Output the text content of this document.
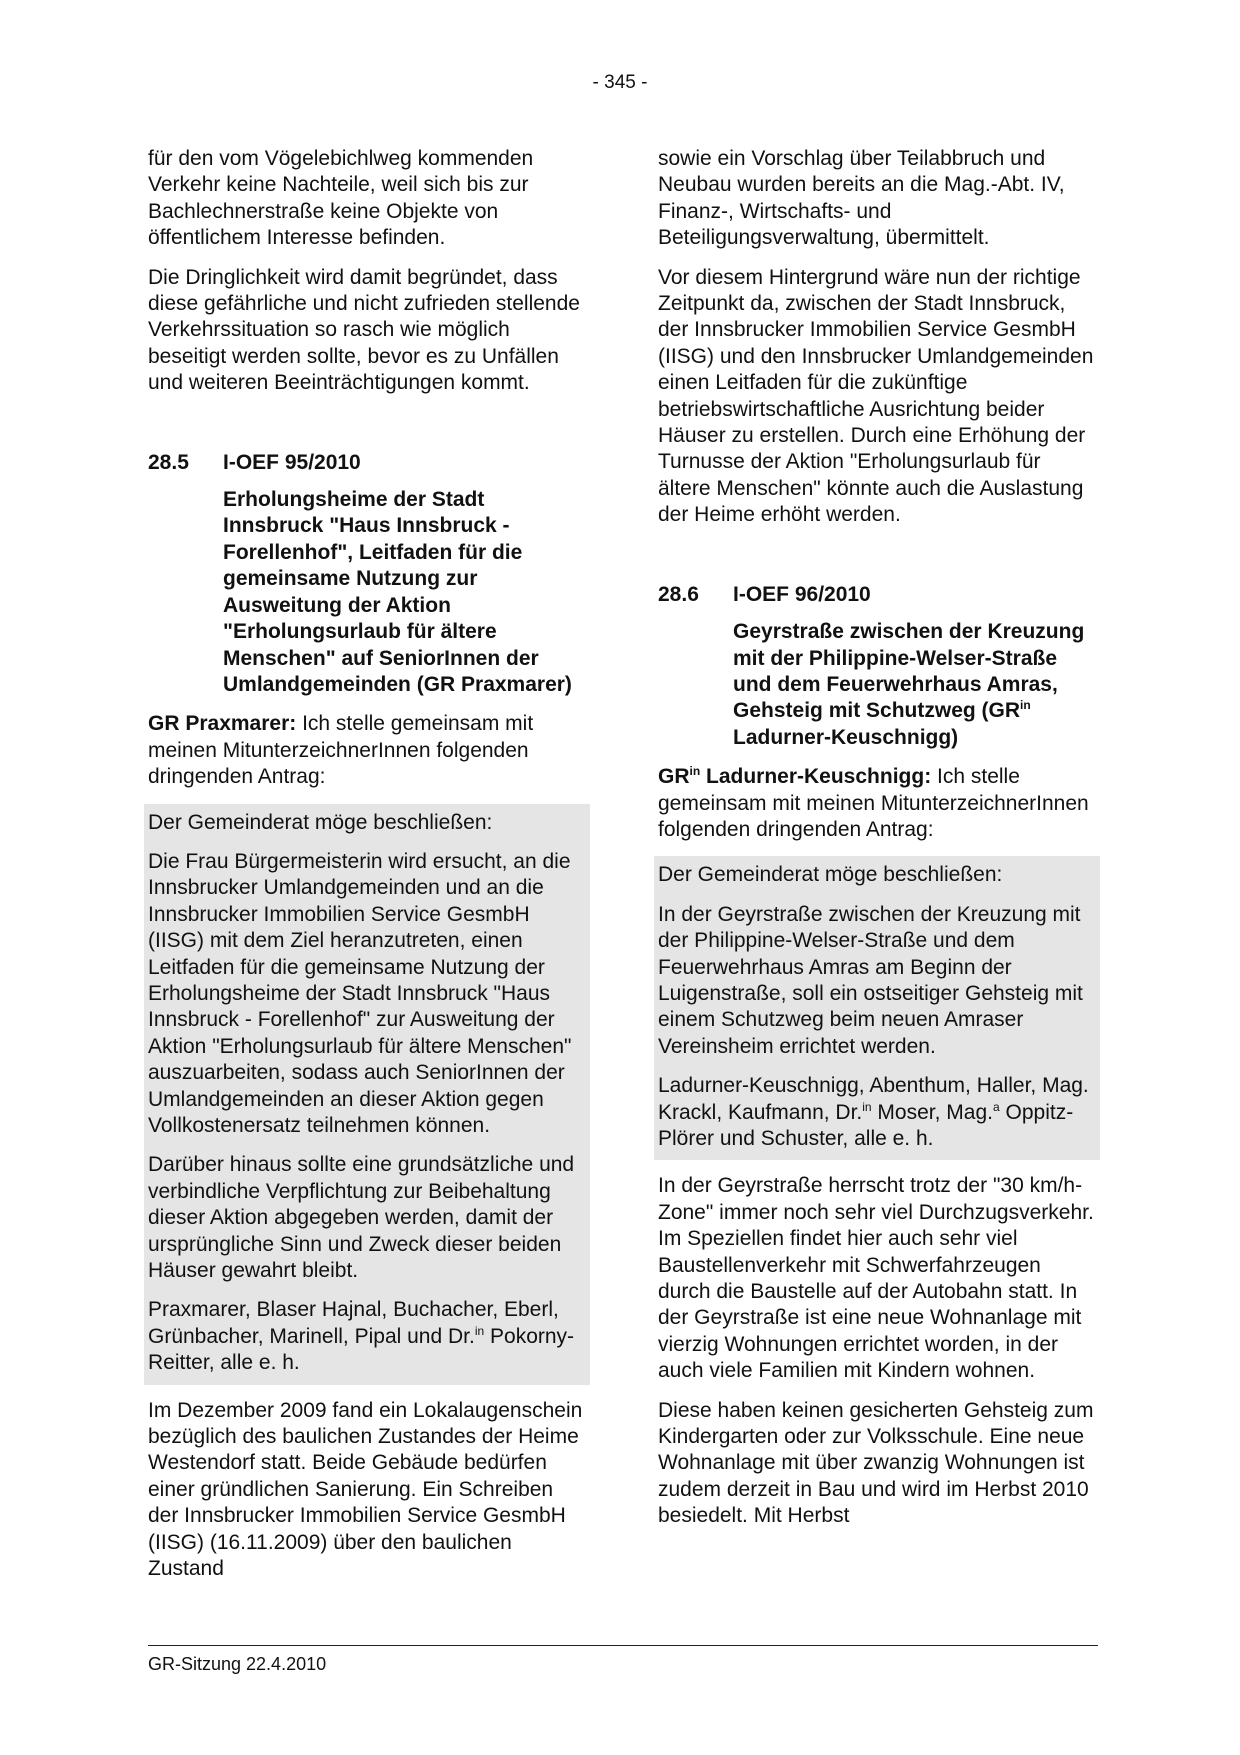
- 345 -

für den vom Vögelebichlweg kommenden Verkehr keine Nachteile, weil sich bis zur Bachlechnerstraße keine Objekte von öffentlichem Interesse befinden.

Die Dringlichkeit wird damit begründet, dass diese gefährliche und nicht zufrieden stellende Verkehrssituation so rasch wie möglich beseitigt werden sollte, bevor es zu Unfällen und weiteren Beeinträchtigungen kommt.

28.5 I-OEF 95/2010
Erholungsheime der Stadt Innsbruck "Haus Innsbruck - Forellenhof", Leitfaden für die gemeinsame Nutzung zur Ausweitung der Aktion "Erholungsurlaub für ältere Menschen" auf SeniorInnen der Umlandgemeinden (GR Praxmarer)

GR Praxmarer: Ich stelle gemeinsam mit meinen MitunterzeichnerInnen folgenden dringenden Antrag:

Der Gemeinderat möge beschließen:

Die Frau Bürgermeisterin wird ersucht, an die Innsbrucker Umlandgemeinden und an die Innsbrucker Immobilien Service GesmbH (IISG) mit dem Ziel heranzutreten, einen Leitfaden für die gemeinsame Nutzung der Erholungsheime der Stadt Innsbruck "Haus Innsbruck - Forellenhof" zur Ausweitung der Aktion "Erholungsurlaub für ältere Menschen" auszuarbeiten, sodass auch SeniorInnen der Umlandgemeinden an dieser Aktion gegen Vollkostenersatz teilnehmen können.

Darüber hinaus sollte eine grundsätzliche und verbindliche Verpflichtung zur Beibehaltung dieser Aktion abgegeben werden, damit der ursprüngliche Sinn und Zweck dieser beiden Häuser gewahrt bleibt.

Praxmarer, Blaser Hajnal, Buchacher, Eberl, Grünbacher, Marinell, Pipal und Dr.$^{in}$ Pokorny-Reitter, alle e. h.

Im Dezember 2009 fand ein Lokalaugenschein bezüglich des baulichen Zustandes der Heime Westendorf statt. Beide Gebäude bedürfen einer gründlichen Sanierung. Ein Schreiben der Innsbrucker Immobilien Service GesmbH (IISG) (16.11.2009) über den baulichen Zustand

sowie ein Vorschlag über Teilabbruch und Neubau wurden bereits an die Mag.-Abt. IV, Finanz-, Wirtschafts- und Beteiligungsverwaltung, übermittelt.

Vor diesem Hintergrund wäre nun der richtige Zeitpunkt da, zwischen der Stadt Innsbruck, der Innsbrucker Immobilien Service GesmbH (IISG) und den Innsbrucker Umlandgemeinden einen Leitfaden für die zukünftige betriebswirtschaftliche Ausrichtung beider Häuser zu erstellen. Durch eine Erhöhung der Turnusse der Aktion "Erholungsurlaub für ältere Menschen" könnte auch die Auslastung der Heime erhöht werden.

28.6 I-OEF 96/2010
Geyrstraße zwischen der Kreuzung mit der Philippine-Welser-Straße und dem Feuerwehrhaus Amras, Gehsteig mit Schutzweg ($GR^{in}$ Ladurner-Keuschnigg)

$GR^{in}$ Ladurner-Keuschnigg: Ich stelle gemeinsam mit meinen MitunterzeichnerInnen folgenden dringenden Antrag:

Der Gemeinderat möge beschließen:

In der Geyrstraße zwischen der Kreuzung mit der Philippine-Welser-Straße und dem Feuerwehrhaus Amras am Beginn der Luigenstraße, soll ein ostseitiger Gehsteig mit einem Schutzweg beim neuen Amraser Vereinsheim errichtet werden.

Ladurner-Keuschnigg, Abenthum, Haller, Mag. Krackl, Kaufmann, Dr.$^{in}$ Moser, Mag.$^a$ Oppitz-Plörer und Schuster, alle e. h.

In der Geyrstraße herrscht trotz der "30 km/h-Zone" immer noch sehr viel Durchzugsverkehr. Im Speziellen findet hier auch sehr viel Baustellenverkehr mit Schwerfahrzeugen durch die Baustelle auf der Autobahn statt. In der Geyrstraße ist eine neue Wohnanlage mit vierzig Wohnungen errichtet worden, in der auch viele Familien mit Kindern wohnen.

Diese haben keinen gesicherten Gehsteig zum Kindergarten oder zur Volksschule. Eine neue Wohnanlage mit über zwanzig Wohnungen ist zudem derzeit in Bau und wird im Herbst 2010 besiedelt. Mit Herbst

GR-Sitzung 22.4.2010
